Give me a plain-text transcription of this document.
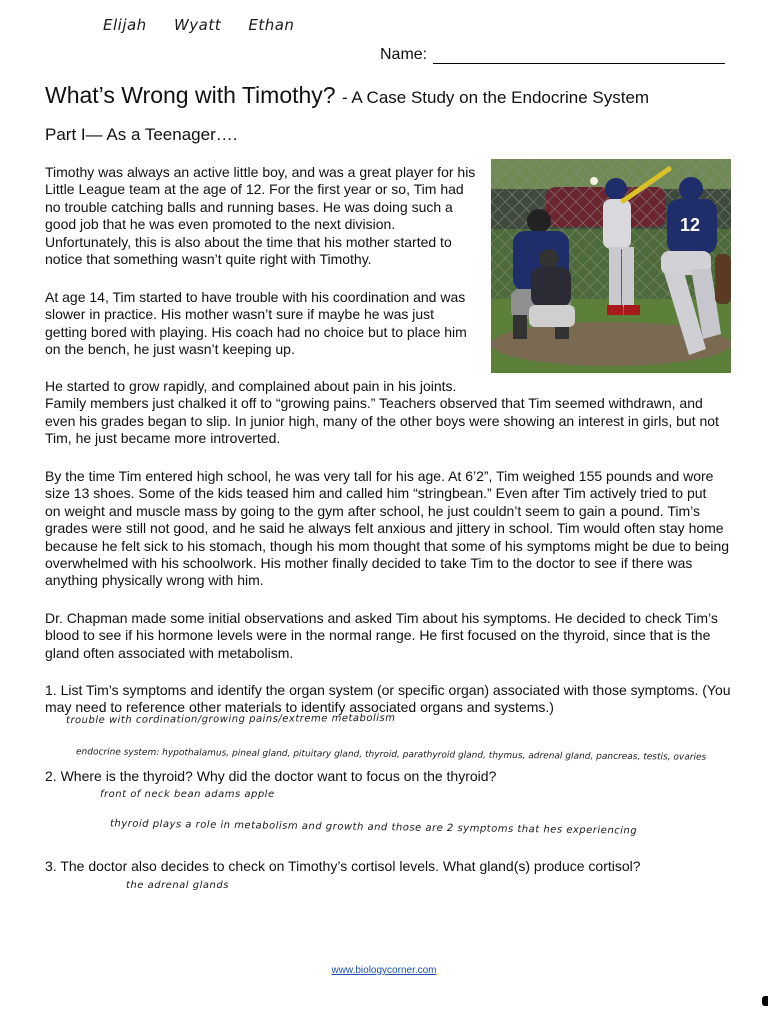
Elijah Wyatt Ethan
Name:
What’s Wrong with Timothy? - A Case Study on the Endocrine System
Part I— As a Teenager….

Timothy was always an active little boy, and was a great player for his

Little League team at the age of 12. For the first year or so, Tim had

no trouble catching balls and running bases. He was doing such a

good job that he was even promoted to the next division.

Unfortunately, this is also about the time that his mother started to

notice that something wasn’t quite right with Timothy.

At age 14, Tim started to have trouble with his coordination and was

slower in practice. His mother wasn’t sure if maybe he was just

getting bored with playing. His coach had no choice but to place him

on the bench, he just wasn’t keeping up.

12

He started to grow rapidly, and complained about pain in his joints.

Family members just chalked it off to “growing pains.” Teachers observed that Tim seemed withdrawn, and

even his grades began to slip. In junior high, many of the other boys were showing an interest in girls, but not

Tim, he just became more introverted.

By the time Tim entered high school, he was very tall for his age. At 6’2”, Tim weighed 155 pounds and wore

size 13 shoes. Some of the kids teased him and called him “stringbean.” Even after Tim actively tried to put

on weight and muscle mass by going to the gym after school, he just couldn’t seem to gain a pound. Tim’s

grades were still not good, and he said he always felt anxious and jittery in school. Tim would often stay home

because he felt sick to his stomach, though his mom thought that some of his symptoms might be due to being

overwhelmed with his schoolwork. His mother finally decided to take Tim to the doctor to see if there was

anything physically wrong with him.

Dr. Chapman made some initial observations and asked Tim about his symptoms. He decided to check Tim’s

blood to see if his hormone levels were in the normal range. He first focused on the thyroid, since that is the

gland often associated with metabolism.

1. List Tim’s symptoms and identify the organ system (or specific organ) associated with those symptoms. (You

may need to reference other materials to identify associated organs and systems.)

trouble with cordination/growing pains/extreme metabolism
endocrine system: hypothalamus, pineal gland, pituitary gland, thyroid, parathyroid gland, thymus, adrenal gland, pancreas, testis, ovaries
2. Where is the thyroid? Why did the doctor want to focus on the thyroid?
front of neck bean adams apple
thyroid plays a role in metabolism and growth and those are 2 symptoms that hes experiencing
3. The doctor also decides to check on Timothy’s cortisol levels. What gland(s) produce cortisol?
the adrenal glands
www.biologycorner.com
